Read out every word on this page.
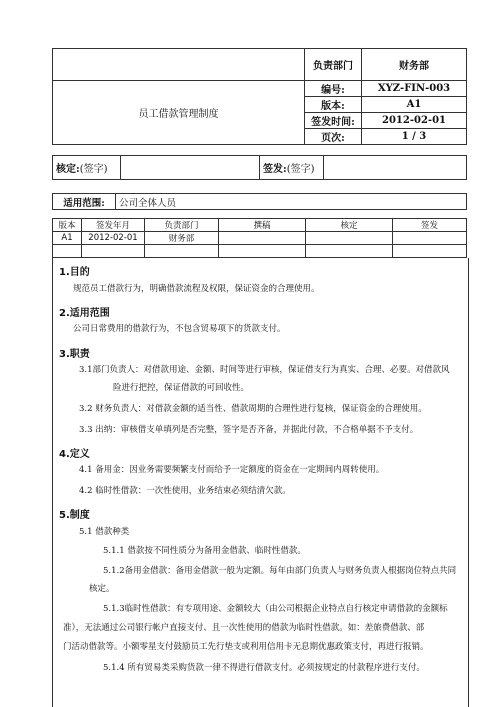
	负责部门	财务部
员工借款管理制度	编号:	XYZ-FIN-003
	版本:	A1
	签发时间:	2012-02-01
	页次:	1 / 3
核定:(签字)		签发:(签字)	
适用范围:	公司全体人员
版本	签发年月	负责部门	撰稿	核定	签发
A1	2012-02-01	财务部			

1.目的
规范员工借款行为，明确借款流程及权限，保证资金的合理使用。
2.适用范围
公司日常费用的借款行为，不包含贸易项下的货款支付。
3.职责
3.1部门负责人：对借款用途、金额、时间等进行审核，保证借支行为真实、合理、必要。对借款风
险进行把控，保证借款的可回收性。
3.2 财务负责人：对借款金额的适当性、借款周期的合理性进行复核，保证资金的合理使用。
3.3 出纳：审核借支单填列是否完整，签字是否齐备，并据此付款，不合格单据不予支付。
4.定义
4.1 备用金：因业务需要频繁支付而给予一定额度的资金在一定期间内周转使用。
4.2 临时性借款：一次性使用，业务结束必须结清欠款。
5.制度
5.1 借款种类
5.1.1 借款按不同性质分为备用金借款、临时性借款。
5.1.2备用金借款：备用金借款一般为定额。每年由部门负责人与财务负责人根据岗位特点共同
核定。
5.1.3临时性借款：有专项用途、金额较大（由公司根据企业特点自行核定申请借款的金额标
准），无法通过公司银行帐户直接支付、且一次性使用的借款为临时性借款。如：差旅费借款、部
门活动借款等。小额零星支付鼓励员工先行垫支或利用信用卡无息期优惠政策支付，再进行报销。
5.1.4 所有贸易类采购货款一律不得进行借款支付。必须按规定的付款程序进行支付。
